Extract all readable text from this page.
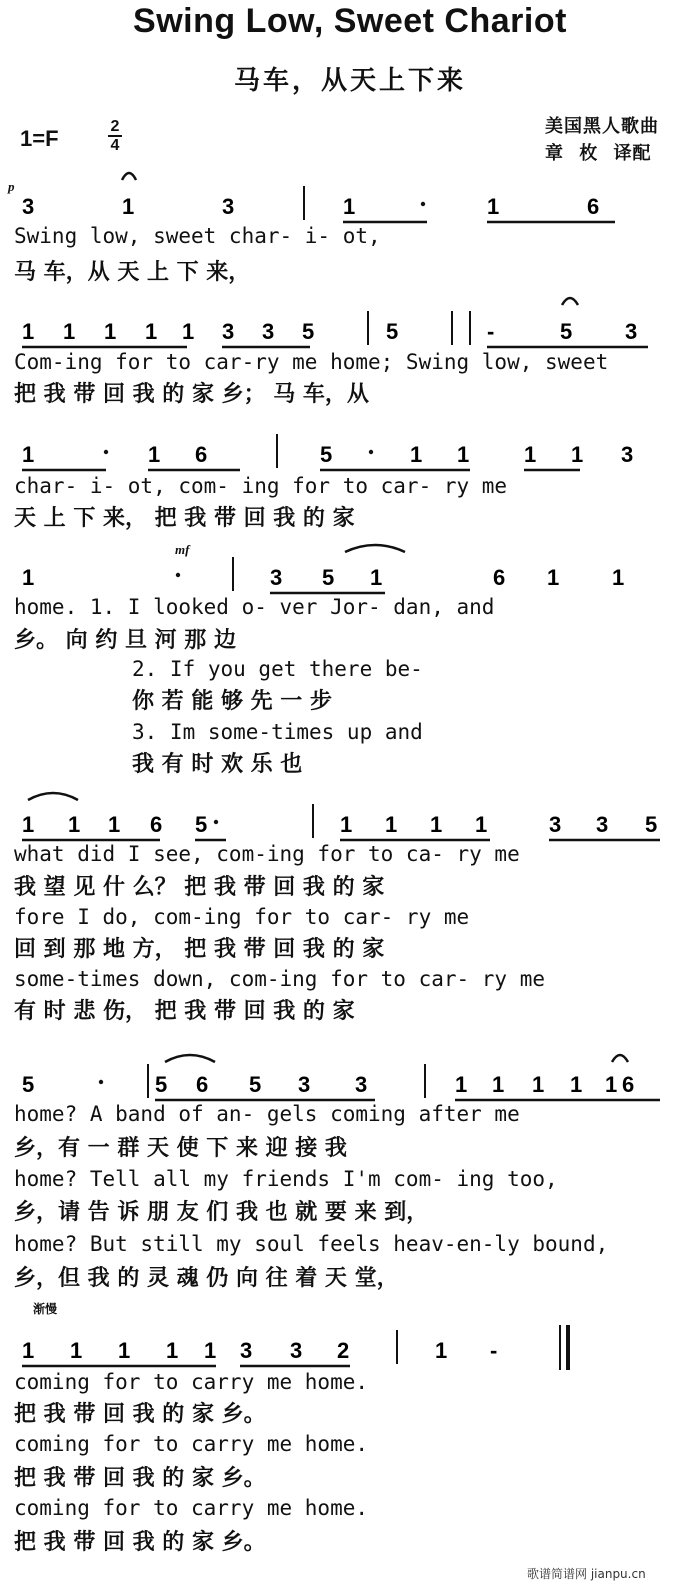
Swing Low, Sweet Chariot
马车，从天上下来
1=F	2
4
美国黑人歌曲
章 枚 译配
p
mf
渐慢
3	1	3	1	1	6
1 1 1 1 1 3 3 5	5	-	5 3
1	1 6	5	1 1 1 1 3
1	3 5 1	6 1 1
1 1 1 6 5	1 1 1 1	3 3 5
5	5 6 5 3 3	1 1 1 1 1 6
1 1 1 1 1 3 3 2	1 -
Swing low, sweet char- i- ot,
马 车，从 天 上 下 来，
Com-ing for to car-ry me home; Swing low, sweet
把 我 带 回 我 的 家 乡； 马 车，从
char- i- ot, com- ing for to car- ry me
天 上 下 来， 把 我 带 回 我 的 家
home. 1. I looked o- ver Jor- dan, and
乡。 向 约 旦 河 那 边
2. If you get there be-
你 若 能 够 先 一 步
3. Im some-times up and
我 有 时 欢 乐 也
what did I see, com-ing for to ca- ry me
我 望 见 什 么？ 把 我 带 回 我 的 家
fore I do, com-ing for to car- ry me
回 到 那 地 方， 把 我 带 回 我 的 家
some-times down, com-ing for to car- ry me
有 时 悲 伤， 把 我 带 回 我 的 家
home? A band of an- gels coming after me
乡，有 一 群 天 使 下 来 迎 接 我
home? Tell all my friends I'm com- ing too,
乡，请 告 诉 朋 友 们 我 也 就 要 来 到，
home? But still my soul feels heav-en-ly bound,
乡，但 我 的 灵 魂 仍 向 往 着 天 堂，
coming for to carry me home.
把 我 带 回 我 的 家 乡。
coming for to carry me home.
把 我 带 回 我 的 家 乡。
coming for to carry me home.
把 我 带 回 我 的 家 乡。
歌谱简谱网 jianpu.cn
